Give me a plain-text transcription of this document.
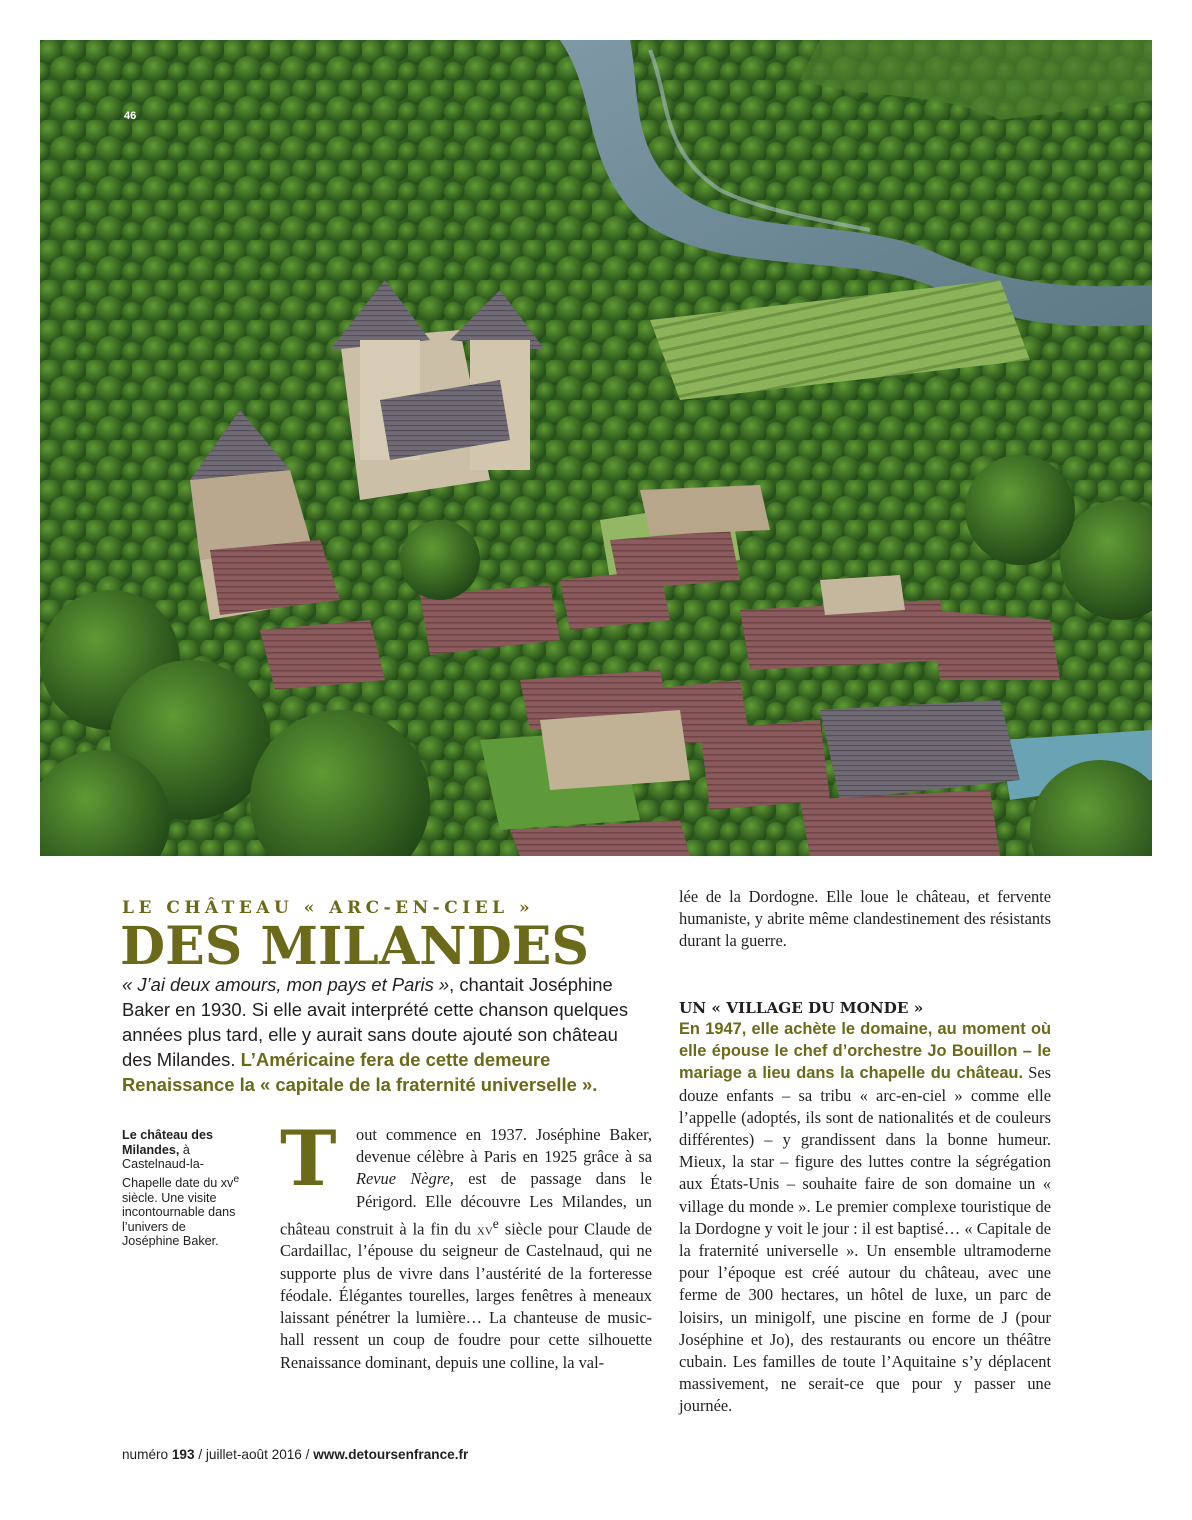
46
LE CHÂTEAU « ARC-EN-CIEL »
DES MILANDES
« J’ai deux amours, mon pays et Paris », chantait Joséphine Baker en 1930. Si elle avait interprété cette chanson quelques années plus tard, elle y aurait sans doute ajouté son château des Milandes. L’Américaine fera de cette demeure Renaissance la « capitale de la fraternité universelle ».
Le château des Milandes, à Castelnaud-la-Chapelle date du $xv^e$ siècle. Une visite incontournable dans l’univers de Joséphine Baker.
T	out commence en 1937. Joséphine Baker, devenue célèbre à Paris en 1925 grâce à sa Revue Nègre, est de passage dans le Périgord. Elle découvre Les Milandes, un château construit à la fin du $xv^e$ siècle pour Claude de Cardaillac, l’épouse du seigneur de Castelnaud, qui ne supporte plus de vivre dans l’austérité de la forteresse féodale. Élégantes tourelles, larges fenêtres à meneaux laissant pénétrer la lumière… La chanteuse de music-hall ressent un coup de foudre pour cette silhouette Renaissance dominant, depuis une colline, la val-
lée de la Dordogne. Elle loue le château, et fervente humaniste, y abrite même clandestinement des résistants durant la guerre.
UN « VILLAGE DU MONDE »
En 1947, elle achète le domaine, au moment où elle épouse le chef d’orchestre Jo Bouillon – le mariage a lieu dans la chapelle du château. Ses douze enfants – sa tribu « arc-en-ciel » comme elle l’appelle (adoptés, ils sont de nationalités et de couleurs différentes) – y grandissent dans la bonne humeur. Mieux, la star – figure des luttes contre la ségrégation aux États-Unis – souhaite faire de son domaine un « village du monde ». Le premier complexe touristique de la Dordogne y voit le jour : il est baptisé… « Capitale de la fraternité universelle ». Un ensemble ultramoderne pour l’époque est créé autour du château, avec une ferme de 300 hectares, un hôtel de luxe, un parc de loisirs, un minigolf, une piscine en forme de J (pour Joséphine et Jo), des restaurants ou encore un théâtre cubain. Les familles de toute l’Aquitaine s’y déplacent massivement, ne serait-ce que pour y passer une journée.
numéro 193 / juillet-août 2016 / www.detoursenfrance.fr
